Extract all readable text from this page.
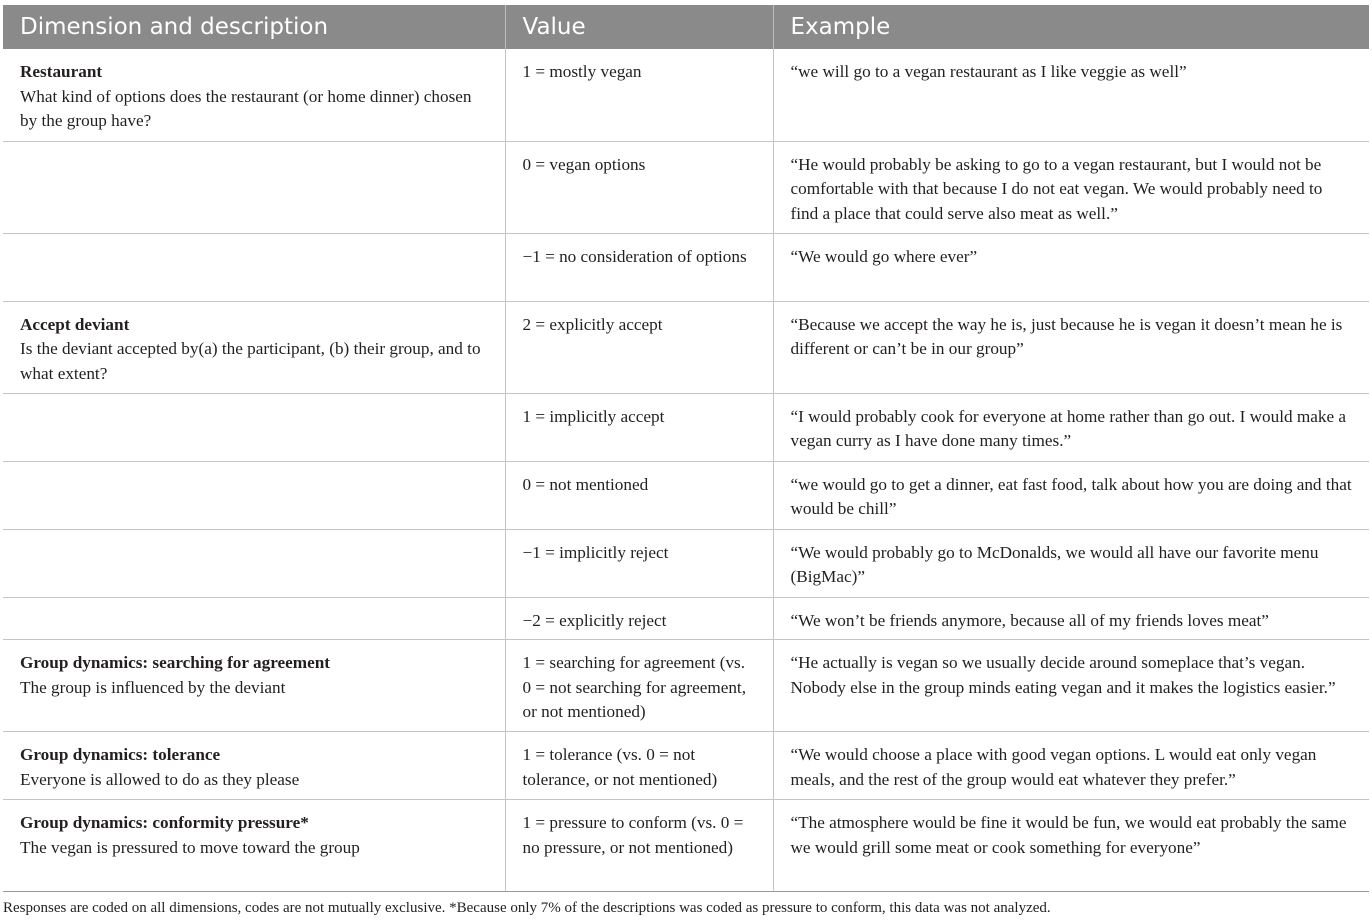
Dimension and description	Value	Example

Restaurant
What kind of options does the restaurant (or home dinner) chosen by the group have?	1 = mostly vegan	“we will go to a vegan restaurant as I like veggie as well”

	0 = vegan options	“He would probably be asking to go to a vegan restaurant, but I would not be comfortable with that because I do not eat vegan. We would probably need to find a place that could serve also meat as well.”

	−1 = no consideration of options	“We would go where ever”

Accept deviant
Is the deviant accepted by(a) the participant, (b) their group, and to what extent?	2 = explicitly accept	“Because we accept the way he is, just because he is vegan it doesn’t mean he is different or can’t be in our group”

	1 = implicitly accept	“I would probably cook for everyone at home rather than go out. I would make a vegan curry as I have done many times.”

	0 = not mentioned	“we would go to get a dinner, eat fast food, talk about how you are doing and that would be chill”

	−1 = implicitly reject	“We would probably go to McDonalds, we would all have our favorite menu (BigMac)”

	−2 = explicitly reject	“We won’t be friends anymore, because all of my friends loves meat”

Group dynamics: searching for agreement
The group is influenced by the deviant	1 = searching for agreement (vs. 0 = not searching for agreement, or not mentioned)	“He actually is vegan so we usually decide around someplace that’s vegan. Nobody else in the group minds eating vegan and it makes the logistics easier.”

Group dynamics: tolerance
Everyone is allowed to do as they please	1 = tolerance (vs. 0 = not tolerance, or not mentioned)	“We would choose a place with good vegan options. L would eat only vegan meals, and the rest of the group would eat whatever they prefer.”

Group dynamics: conformity pressure*
The vegan is pressured to move toward the group	1 = pressure to conform (vs. 0 = no pressure, or not mentioned)	“The atmosphere would be fine it would be fun, we would eat probably the same we would grill some meat or cook something for everyone”
Responses are coded on all dimensions, codes are not mutually exclusive. *Because only 7% of the descriptions was coded as pressure to conform, this data was not analyzed.
